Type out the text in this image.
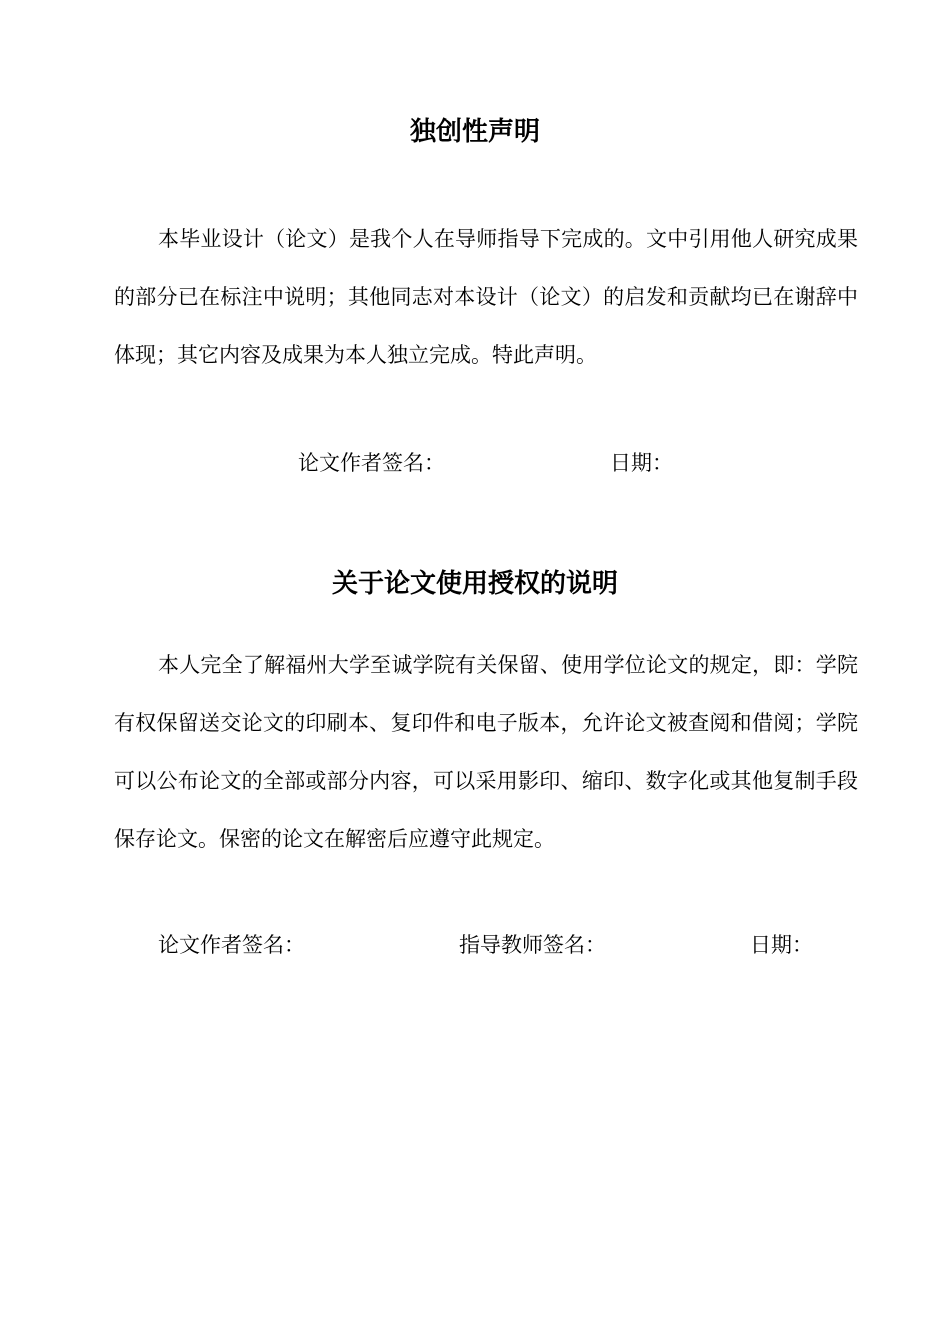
独创性声明
本毕业设计（论文）是我个人在导师指导下完成的。文中引用他人研究成果的部分已在标注中说明；其他同志对本设计（论文）的启发和贡献均已在谢辞中体现；其它内容及成果为本人独立完成。特此声明。
论文作者签名：	日期：
关于论文使用授权的说明
本人完全了解福州大学至诚学院有关保留、使用学位论文的规定，即：学院有权保留送交论文的印刷本、复印件和电子版本，允许论文被查阅和借阅；学院可以公布论文的全部或部分内容，可以采用影印、缩印、数字化或其他复制手段保存论文。保密的论文在解密后应遵守此规定。
论文作者签名：	指导教师签名：	日期：
